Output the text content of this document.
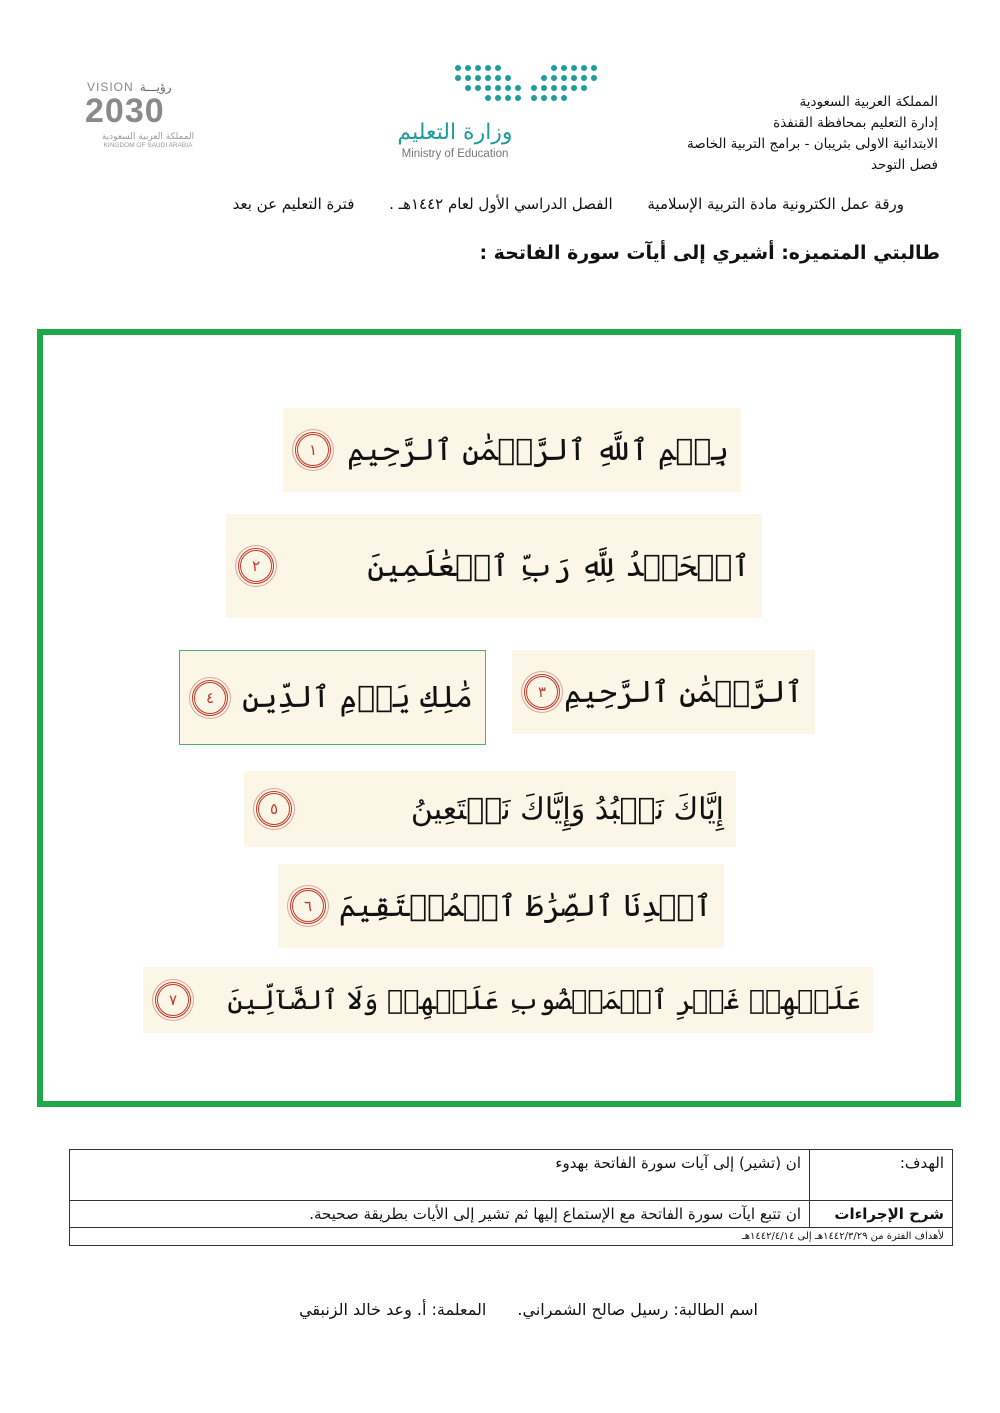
المملكة العربية السعودية
إدارة التعليم بمحافظة القنفذة
الابتدائية الاولى بثريبان - برامج التربية الخاصة
فصل التوحد
وزارة التعليم
Ministry of Education
VISION رؤيـــة
2030
المملكة العربية السعودية
KINGDOM OF SAUDI ARABIA
ورقة عمل الكترونية مادة التربية الإسلامية الفصل الدراسي الأول لعام ١٤٤٢هـ . فترة التعليم عن بعد
طالبتي المتميزه: أشيري إلى أيآت سورة الفاتحة :
بِسۡمِ ٱللَّهِ ٱلرَّحۡمَٰنِ ٱلرَّحِيمِ
١
ٱلۡحَمۡدُ لِلَّهِ رَبِّ ٱلۡعَٰلَمِينَ
٢
ٱلرَّحۡمَٰنِ ٱلرَّحِيمِ
٣
مَٰلِكِ يَوۡمِ ٱلدِّينِ
٤
إِيَّاكَ نَعۡبُدُ وَإِيَّاكَ نَسۡتَعِينُ
٥
ٱهۡدِنَا ٱلصِّرَٰطَ ٱلۡمُسۡتَقِيمَ
٦
عَلَيۡهِمۡ غَيۡرِ ٱلۡمَغۡضُوبِ عَلَيۡهِمۡ وَلَا ٱلضَّآلِّينَ
٧
الهدف:	ان (تشير) إلى آيات سورة الفاتحة بهدوء
شرح الإجراءات	ان تتبع ايآت سورة الفاتحة مع الإستماع إليها ثم تشير إلى الأيات بطريقة صحيحة.
لأهداف الفترة من ١٤٤٢/٣/٢٩هـ إلى ١٤٤٢/٤/١٤هـ	
اسم الطالبة: رسيل صالح الشمراني. المعلمة: أ. وعد خالد الزنبقي
